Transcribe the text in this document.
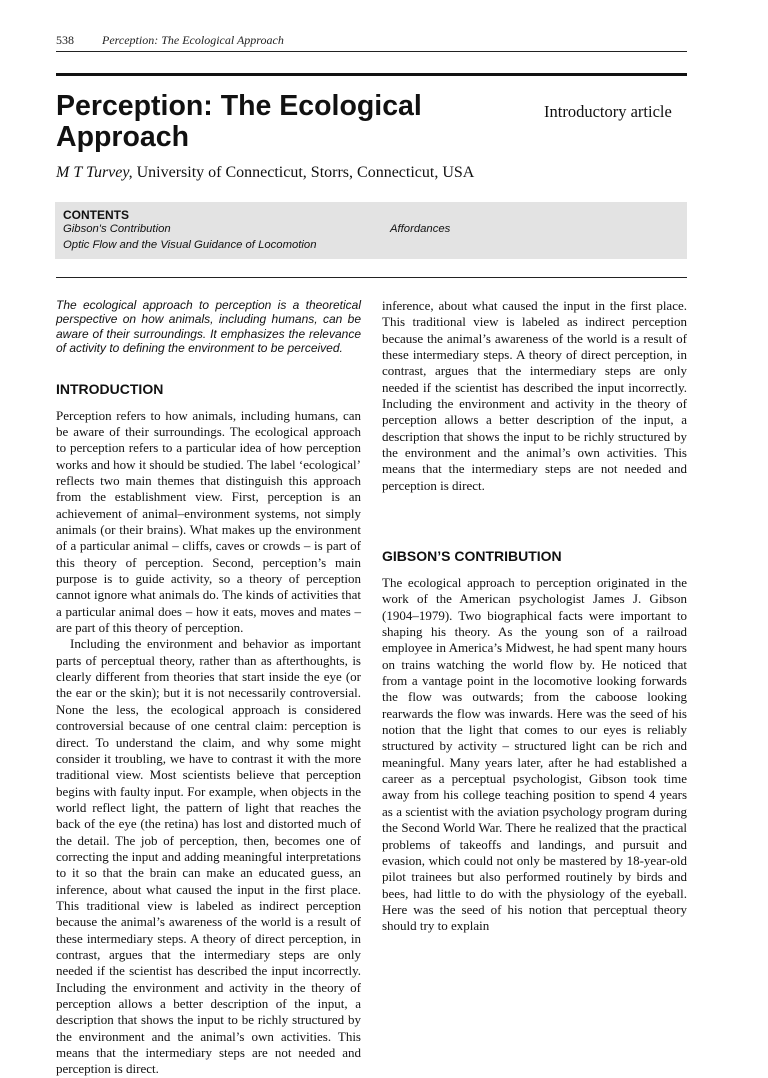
538 Perception: The Ecological Approach
Perception: The Ecological Approach
Introductory article
M T Turvey, University of Connecticut, Storrs, Connecticut, USA
CONTENTS
Gibson's Contribution	Affordances
Optic Flow and the Visual Guidance of Locomotion

The ecological approach to perception is a theoretical perspective on how animals, including humans, can be aware of their surroundings. It emphasizes the relevance of activity to defining the environment to be perceived.

INTRODUCTION

Perception refers to how animals, including humans, can be aware of their surroundings. The ecological approach to perception refers to a particular idea of how perception works and how it should be studied. The label ‘ecological’ reflects two main themes that distinguish this approach from the establishment view. First, perception is an achievement of animal–environment systems, not simply animals (or their brains). What makes up the environment of a particular animal – cliffs, caves or crowds – is part of this theory of perception. Second, perception’s main purpose is to guide activity, so a theory of perception cannot ignore what animals do. The kinds of activities that a particular animal does – how it eats, moves and mates – are part of this theory of perception.

Including the environment and behavior as important parts of perceptual theory, rather than as afterthoughts, is clearly different from theories that start inside the eye (or the ear or the skin); but it is not necessarily controversial. None the less, the ecological approach is considered controversial because of one central claim: perception is direct. To understand the claim, and why some might consider it troubling, we have to contrast it with the more traditional view. Most scientists believe that perception begins with faulty input. For example, when objects in the world reflect light, the pattern of light that reaches the back of the eye (the retina) has lost and distorted much of the detail. The job of perception, then, becomes one of correcting the input and adding meaningful interpretations to it so that the brain can make an educated guess, an inference, about what caused the input in the first place. This traditional view is labeled as indirect perception because the animal’s awareness of the world is a result of these intermediary steps. A theory of direct perception, in contrast, argues that the intermediary steps are only needed if the scientist has described the input incorrectly. Including the environment and activity in the theory of perception allows a better description of the input, a description that shows the input to be richly structured by the environment and the animal’s own activities. This means that the intermediary steps are not needed and perception is direct.

inference, about what caused the input in the first place. This traditional view is labeled as indirect perception because the animal’s awareness of the world is a result of these intermediary steps. A theory of direct perception, in contrast, argues that the intermediary steps are only needed if the scientist has described the input incorrectly. Including the environment and activity in the theory of perception allows a better description of the input, a description that shows the input to be richly structured by the environment and the animal’s own activities. This means that the intermediary steps are not needed and perception is direct.

GIBSON’S CONTRIBUTION

The ecological approach to perception originated in the work of the American psychologist James J. Gibson (1904–1979). Two biographical facts were important to shaping his theory. As the young son of a railroad employee in America’s Midwest, he had spent many hours on trains watching the world flow by. He noticed that from a vantage point in the locomotive looking forwards the flow was outwards; from the caboose looking rearwards the flow was inwards. Here was the seed of his notion that the light that comes to our eyes is reliably structured by activity – structured light can be rich and meaningful. Many years later, after he had established a career as a perceptual psychologist, Gibson took time away from his college teaching position to spend 4 years as a scientist with the aviation psychology program during the Second World War. There he realized that the practical problems of takeoffs and landings, and pursuit and evasion, which could not only be mastered by 18-year-old pilot trainees but also performed routinely by birds and bees, had little to do with the physiology of the eyeball. Here was the seed of his notion that perceptual theory should try to explain
